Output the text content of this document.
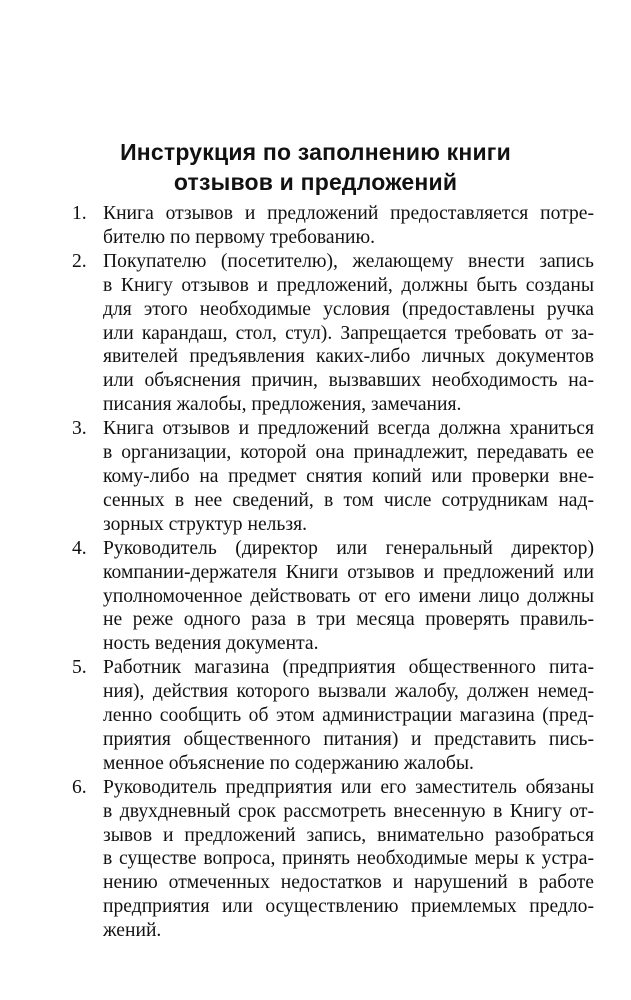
Инструкция по заполнению книги
отзывов и предложений
1. Книга отзывов и предложений предоставляется потре-
бителю по первому требованию.
2. Покупателю (посетителю), желающему внести запись
в Книгу отзывов и предложений, должны быть созданы
для этого необходимые условия (предоставлены ручка
или карандаш, стол, стул). Запрещается требовать от за-
явителей предъявления каких-либо личных документов
или объяснения причин, вызвавших необходимость на-
писания жалобы, предложения, замечания.
3. Книга отзывов и предложений всегда должна храниться
в организации, которой она принадлежит, передавать ее
кому-либо на предмет снятия копий или проверки вне-
сенных в нее сведений, в том числе сотрудникам над-
зорных структур нельзя.
4. Руководитель (директор или генеральный директор)
компании-держателя Книги отзывов и предложений или
уполномоченное действовать от его имени лицо должны
не реже одного раза в три месяца проверять правиль-
ность ведения документа.
5. Работник магазина (предприятия общественного пита-
ния), действия которого вызвали жалобу, должен немед-
ленно сообщить об этом администрации магазина (пред-
приятия общественного питания) и представить пись-
менное объяснение по содержанию жалобы.
6. Руководитель предприятия или его заместитель обязаны
в двухдневный срок рассмотреть внесенную в Книгу от-
зывов и предложений запись, внимательно разобраться
в существе вопроса, принять необходимые меры к устра-
нению отмеченных недостатков и нарушений в работе
предприятия или осуществлению приемлемых предло-
жений.
